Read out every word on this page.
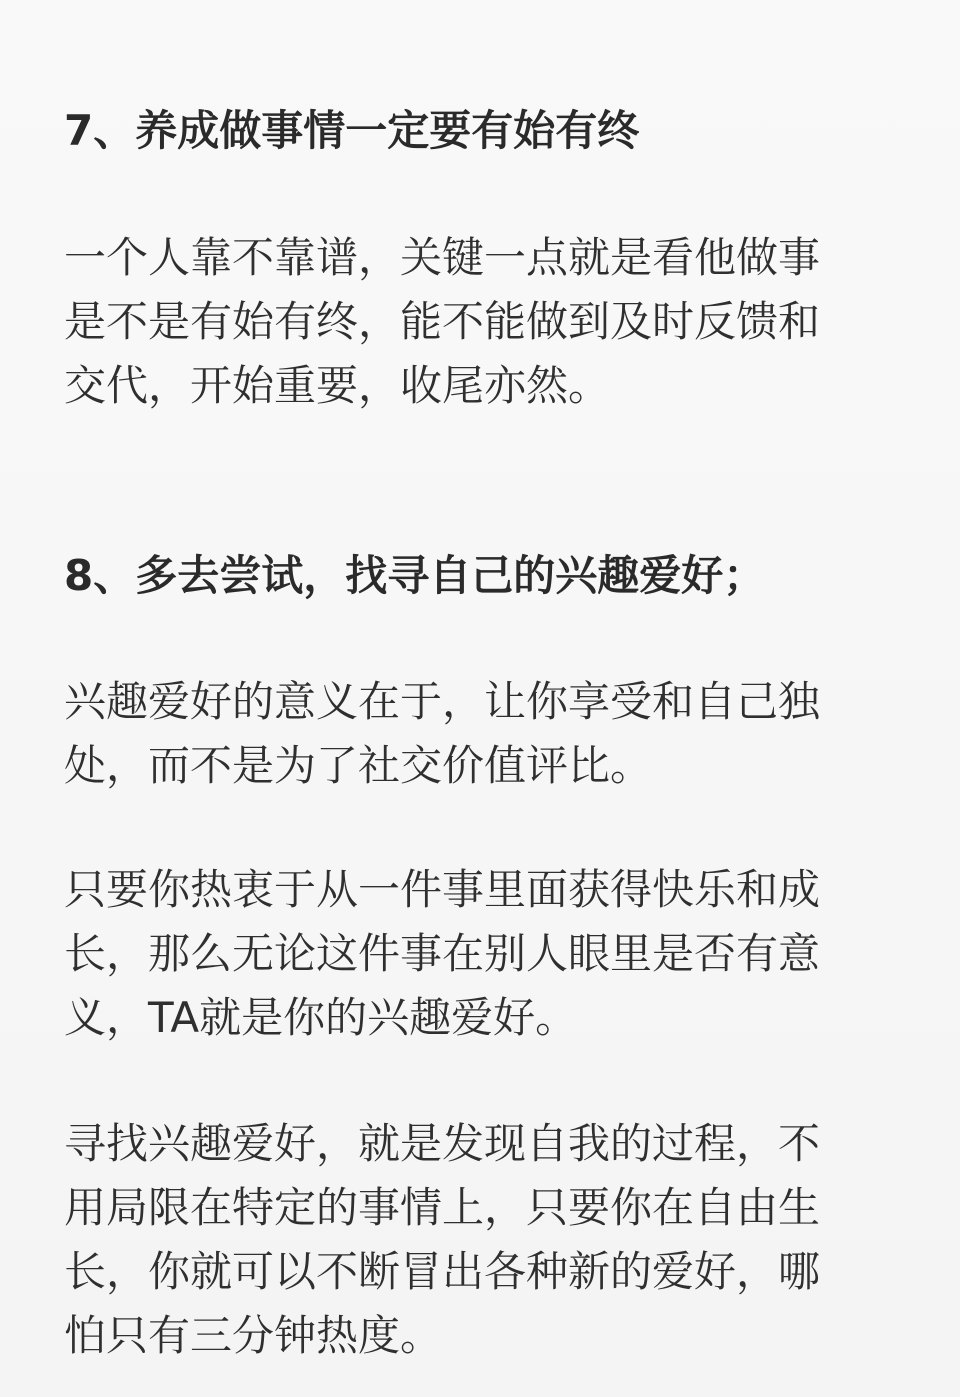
7、养成做事情一定要有始有终

一个人靠不靠谱，关键一点就是看他做事
是不是有始有终，能不能做到及时反馈和
交代，开始重要，收尾亦然。

8、多去尝试，找寻自己的兴趣爱好；

兴趣爱好的意义在于，让你享受和自己独
处，而不是为了社交价值评比。

只要你热衷于从一件事里面获得快乐和成
长，那么无论这件事在别人眼里是否有意
义，TA就是你的兴趣爱好。

寻找兴趣爱好，就是发现自我的过程，不
用局限在特定的事情上，只要你在自由生
长，你就可以不断冒出各种新的爱好，哪
怕只有三分钟热度。
